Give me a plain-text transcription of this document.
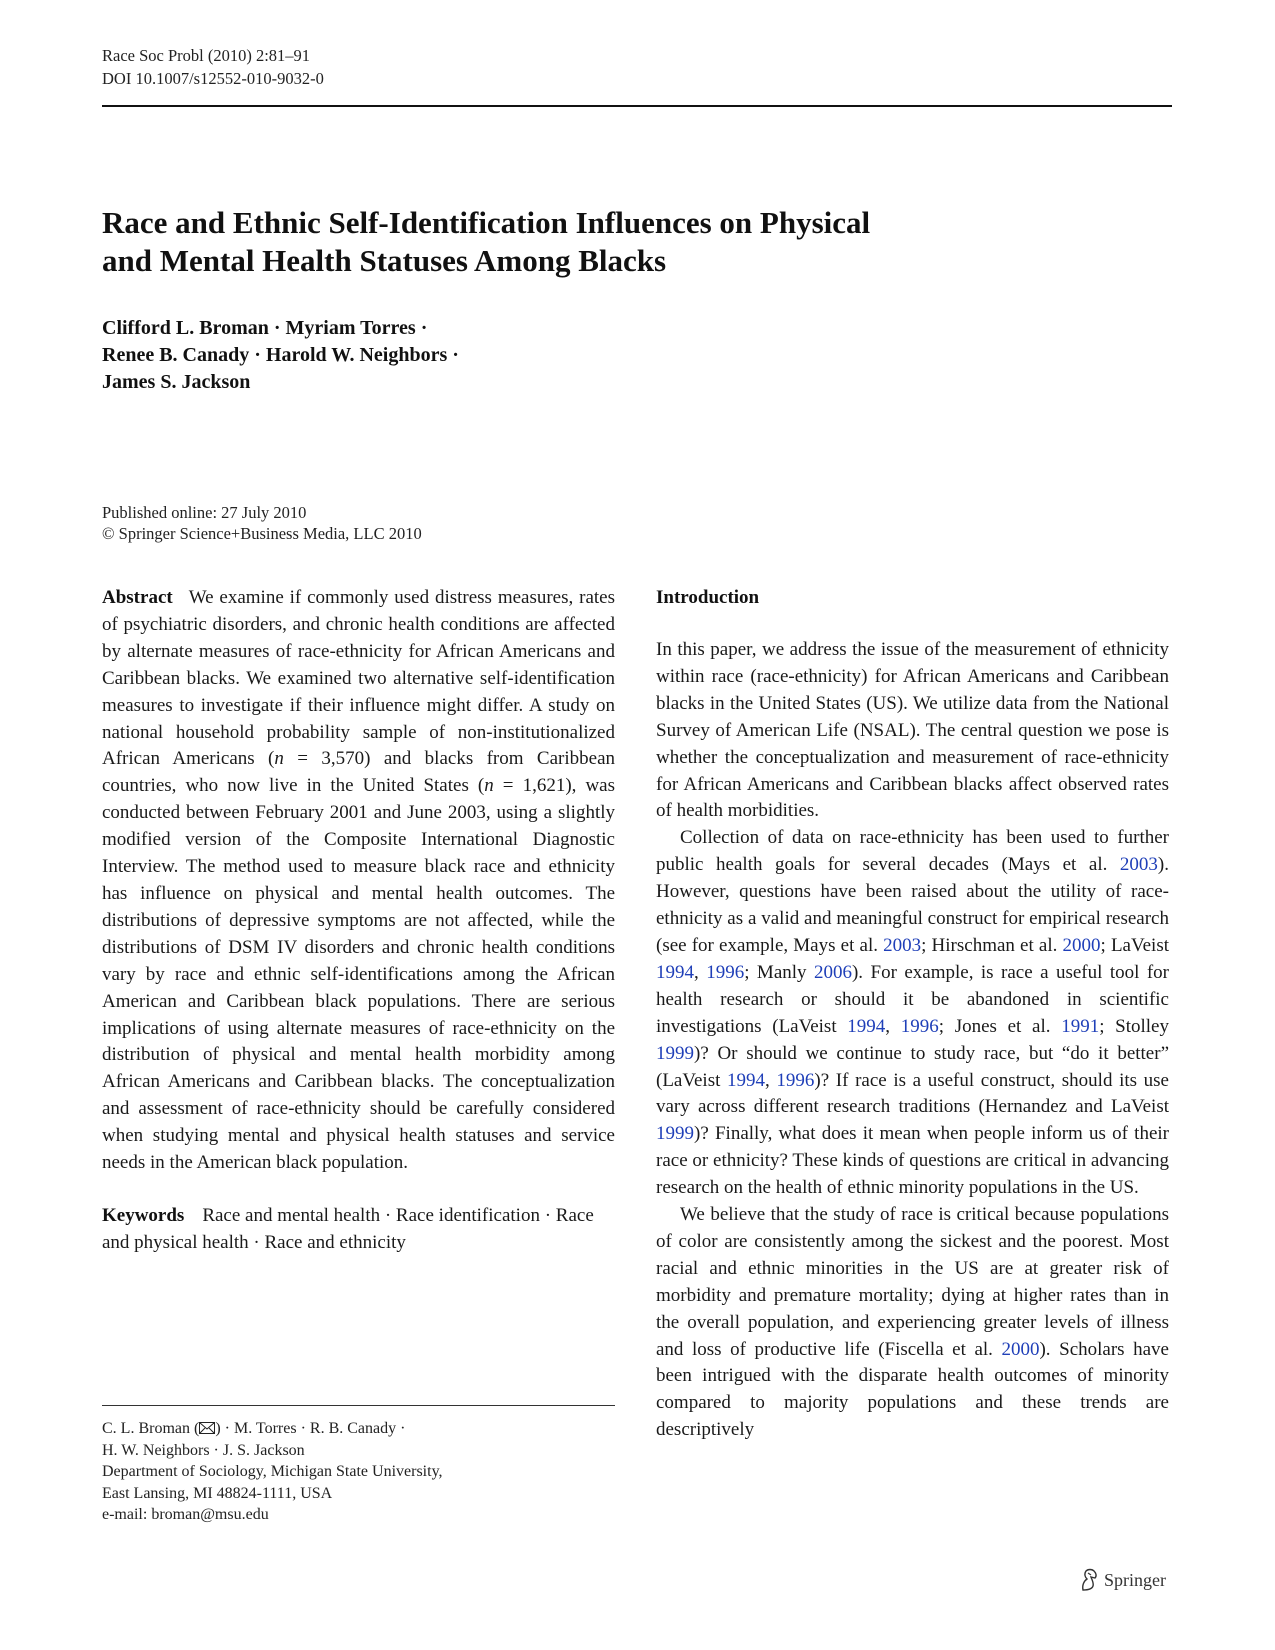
Race Soc Probl (2010) 2:81–91
DOI 10.1007/s12552-010-9032-0
Race and Ethnic Self-Identification Influences on Physical
and Mental Health Statuses Among Blacks
Clifford L. Broman · Myriam Torres ·
Renee B. Canady · Harold W. Neighbors ·
James S. Jackson
Published online: 27 July 2010
© Springer Science+Business Media, LLC 2010

Abstract We examine if commonly used distress measures, rates of psychiatric disorders, and chronic health conditions are affected by alternate measures of race-ethnicity for African Americans and Caribbean blacks. We examined two alternative self-identification measures to investigate if their influence might differ. A study on national household probability sample of non-institutionalized African Americans (n = 3,570) and blacks from Caribbean countries, who now live in the United States (n = 1,621), was conducted between February 2001 and June 2003, using a slightly modified version of the Composite International Diagnostic Interview. The method used to measure black race and ethnicity has influence on physical and mental health outcomes. The distributions of depressive symptoms are not affected, while the distributions of DSM IV disorders and chronic health conditions vary by race and ethnic self-identifications among the African American and Caribbean black populations. There are serious implications of using alternate measures of race-ethnicity on the distribution of physical and mental health morbidity among African Americans and Caribbean blacks. The conceptualization and assessment of race-ethnicity should be carefully considered when studying mental and physical health statuses and service needs in the American black population.

Keywords Race and mental health · Race identification · Race and physical health · Race and ethnicity

C. L. Broman ( ) · M. Torres · R. B. Canady ·
H. W. Neighbors · J. S. Jackson
Department of Sociology, Michigan State University,
East Lansing, MI 48824-1111, USA
e-mail: broman@msu.edu
Introduction

In this paper, we address the issue of the measurement of ethnicity within race (race-ethnicity) for African Americans and Caribbean blacks in the United States (US). We utilize data from the National Survey of American Life (NSAL). The central question we pose is whether the conceptualization and measurement of race-ethnicity for African Americans and Caribbean blacks affect observed rates of health morbidities.

Collection of data on race-ethnicity has been used to further public health goals for several decades (Mays et al. 2003). However, questions have been raised about the utility of race-ethnicity as a valid and meaningful construct for empirical research (see for example, Mays et al. 2003; Hirschman et al. 2000; LaVeist 1994, 1996; Manly 2006). For example, is race a useful tool for health research or should it be abandoned in scientific investigations (LaVeist 1994, 1996; Jones et al. 1991; Stolley 1999)? Or should we continue to study race, but “do it better” (LaVeist 1994, 1996)? If race is a useful construct, should its use vary across different research traditions (Hernandez and LaVeist 1999)? Finally, what does it mean when people inform us of their race or ethnicity? These kinds of questions are critical in advancing research on the health of ethnic minority populations in the US.

We believe that the study of race is critical because populations of color are consistently among the sickest and the poorest. Most racial and ethnic minorities in the US are at greater risk of morbidity and premature mortality; dying at higher rates than in the overall population, and experiencing greater levels of illness and loss of productive life (Fiscella et al. 2000). Scholars have been intrigued with the disparate health outcomes of minority compared to majority populations and these trends are descriptively

Springer
